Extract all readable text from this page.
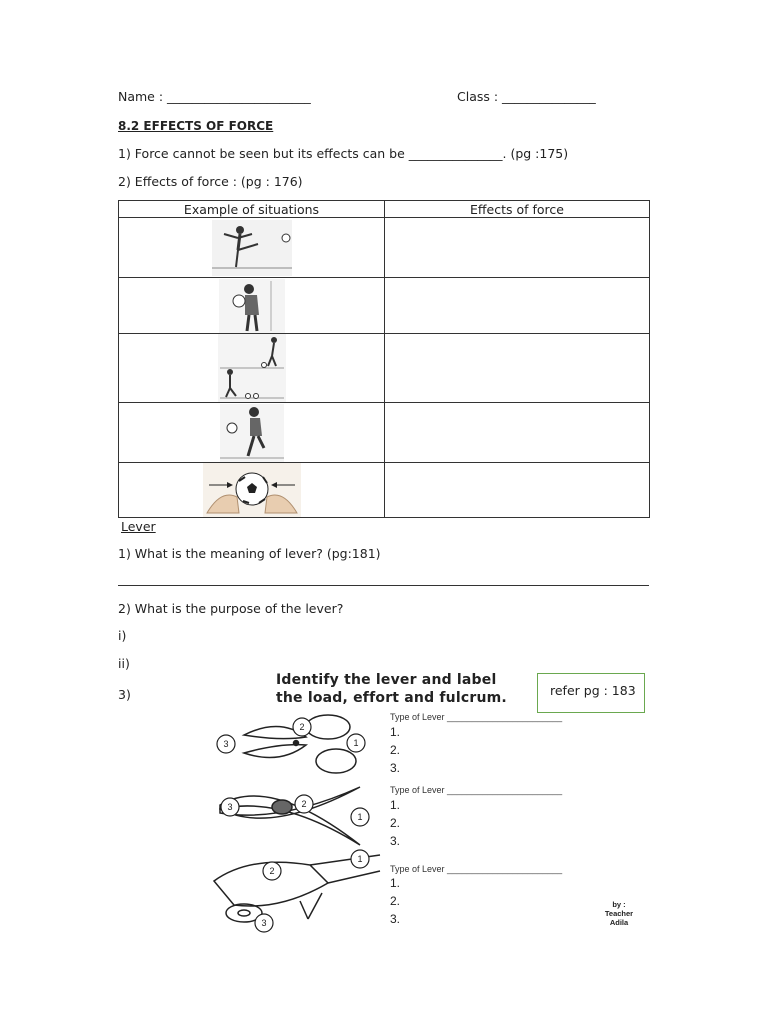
Name : _______________________	Class : _______________
8.2 EFFECTS OF FORCE
1) Force cannot be seen but its effects can be _______________. (pg :175)
2) Effects of force : (pg : 176)
Example of situations	Effects of force

Lever
1) What is the meaning of lever? (pg:181)
2) What is the purpose of the lever?
i)
ii)
3)	refer pg : 183
Identify the lever and label
the load, effort and fulcrum.
3
2
1
3	2
1
2
1
3
Type of Lever _______________________
1.
2.
3.
Type of Lever _______________________
1.
2.
3.
Type of Lever _______________________
1.
2.
3.
by :
Teacher
Adila
